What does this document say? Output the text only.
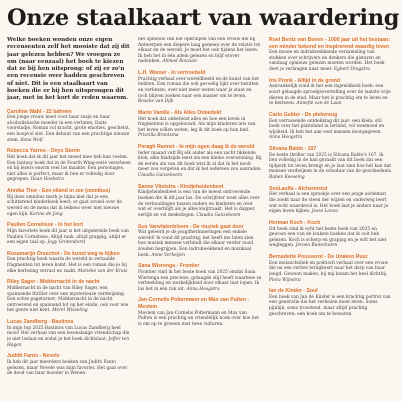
Onze staalkaart van waardering

Welke boeken wonden onze eigen recensenten zelf het mooiste dat zij dit jaar gelezen hebben? We vroegen ze om (naar eenzaal) het boek te kiezen dat ze bij hen uitsprong: of zij er zo'n een recensie over hadden geschreven of niet. Dit is een staalkaart van boeken die er bij hen uitsprongen dit jaar, met in het kort de reden waarom.

Caroline Wahl - 22 bahnen
Een jonge vrouw moet voor haar zusje en haar alcoholistische moeder in een verlaten, Duits voorstadje, Roman vol kracht, grote emoties, geschetst, een hoopvol slot. Een debuut van een prachtige nieuwe stem. Ilona Wolf
Rebecca Yarros - Onyx Storm
Het boek dat ik dit jaar het meest mee heb kan voelen. Een fantasy boek dat in de Fourth Wing-serie verscheen en bij lezers enorm veel los maakte. Een personages, niet alles is perfect, maar ik ben er volledig door gegrepen. Daan Hoekstra
Annika Thor - Een eiland in zee (omnibus)
Bij deze omnibus merk je bijna niet dat je een schitterend kinderboek leest; er gaat zoveel over de wereld en de mens dat ik telkens weer met nieuwe ogen kijk. Karine de Jong
Paulien Cornelisse - In het kort
Mijn favoriete boek dit jaar is het uitgebreide boek van Paulien Cornelisse. Altijd raak, altijd grappig, altijd er een eigen taal op. Jogy Grotendorst
Rosamarijn Orsschot - De kunst weg te kijken
Een prachtig boek waarin de wereld in vertaalde fragmenten tot leven komt. Het is een roman die je bij elke herlezing verrast en raakt. Marieke van der Kruis
Riley Sager - Middernacht in de nacht
Middernacht in de nacht van Riley Sager, een spannende thriller over een mysterieuze verdwijning. Een echte pageturner; Middernacht in de nacht ontroerend en spannend tot op het einde, ook voor wie het genre niet kent. Merel Wisseling
Lucas Zandberg - Bastinos
In mijn top 2025 Bastinos van Lucas Zandberg heel mooi! Het verhaal van een levenslange vriendschap die je niet loslaat en zodat je het boek dichtslaat. Jeffer ten Hagen
Judith Fanto - Nevele
Ik heb dit jaar meerdere boeken van Judith Fanto gelezen, maar Nevele was mijn favoriet. Het gaat over de dood van haar moeder in Wenen.
het opnieuw van het opkruipen van een vrouw die bij Antwerpen een diepere laag gemeen over de relatie tot elkaar en de wereld. Je moet het ook tijdens het lezen. Ik heb het in één adem gelezen en blijf erover nadenken. Ahmed Bouzian
L.H. Wiener - In vertroebeld
Prachtig verhaal over wereldbeeld en de kunst van het hebben. Een roman die ook gevoelig lijkt over bezitten en verliezen; over niet meer weten waar je staat en toch blijven zoeken naar een manier om te leven. Rosalie van Dijk
Mario Vanille - Als Alles Onbedekt
Het boek dat onbetwist alles en hoe een leven in fragmenten is opgebouwd. Als mijn kinderen iets van het leven willen weten, leg ik dit boek op hun bed. Priscilla Brantsma
Peragh Rannet - In mijn ogen daag ik de wereld
Ieder maand vult Bij elk ander als een zacht tikkende klok; elke bladzijde leest als een kleine overwinning. Bij de eerste zin van dit boek wist ik al dat ik het nooit meer zou vergeten en dat ik het iedereen zou aanraden. Claudia Ganzeboom
Sanne Vlietstra - Kindjeheidenbeet
Kindjeheidenbeet is een van de meest ontroerende boeken die ik dit jaar las. De schrijfster weet alles over de verhoudingen tussen ouders en kinderen en over wat er overblijft als je alles kwijtraakt. Het is dapper, eerlijk en vol mededogen. Claudia Ganzeboom
Sus Vanvlatenbloem - De muziek gaat door
Wat geleerd je de jeugdherinneringen een enkele wereld! Ik vond dit prachtig; het heeft me laten zien hoe muziek mensen verbindt die elkaar verder nooit zouden begrijpen. Een indrukwekkend en muzikaal boek. Anne Verheijen
Sana Wierenga - Frontier
Frontier vind ik het beste boek van 2025 omdat Sana Wierenga een precieze, gelaagde stijl heeft waarmee ze verbeelding en werkelijkheid door elkaar laat lopen. Ik las het in één ruk uit. Anna Hoogstra
Jan-Cornelis Poltermann en Max van Pulten - Mevlem
Mevlem van Jan-Cornelis Poltermann en Max van Pulten is een prachtig en vriendelijk boek over hoe het is om op te groeien met twee culturen.
Roel Bentz van Boven - 1000 jaar uit het bestaan: een minder bekend en inspirerend waardig leven
Een mooie en indrukwekkende verzameling van stukken over schrijvers en denkers die gisteren en vandaag opnieuw gelezen moeten worden. Het boek doet je verlangen naar meer. Egbert Dragstra
Iris Pronk - Alfijd in de grond
Aanvankelijk vond ik het een ingewikkeld boek: een soort gelaagde sprookjesvertelling over de laatste vrije dieren in de stad. Maar het is prachtig om te lezen en te herlezen. Annefie van de Laan
Carlo Gebler - De plekvreug
Een verrassende ontdekking dit jaar: een klein, stil boek over het platteland in Ierland, vol weemoed en wijsheid. Ik heb het aan veel mensen doorgegeven. Anna Hoogstra
Silvana Baldo - 107
De beste thriller van 2025 is Silvana Baldo's 107. Ik ben volledig in de ban geraakt van dit boek dat een tijdperk tot leven brengt en je laat zien hoe het kan dat mensen verdwijnen in de schaduw van de geschiedenis. Ruben Keeseing
SenLaelfa - Alchemistul
Het verhaal is een sprookje over een jonge alchemist die zoekt naar de steen der wijzen en onderweg leert wat echt waardevol is. Het boek laat je anders naar je eigen leven kijken. Jesse Lonca
Herman Koch - Koch
Dit boek vind ik echt het beste boek van 2025 en gewoon een van de leukste boeken dat ik ooit heb gelezen. Koch is scherp en grappig en je wilt het niet wegleggen. Jeroen Bunschoten
Bernadette Pousserot - De Unaken Rust
Een melancholiek en poëtisch verhaal over een vrouw die na een verlies terugkeert naar het dorp van haar jeugd. Gewoon maken, bij mij kwam het heel dichtbij. Flora Wijnstra
Ian de Kinder - Soul
Een boek van Jan de Kinder is een krachtig portret van een generatie die het verliezen moet leren. Soms pijnlijk, soms troostend, maar altijd prachtig geschreven; een boek om te bewaren.
